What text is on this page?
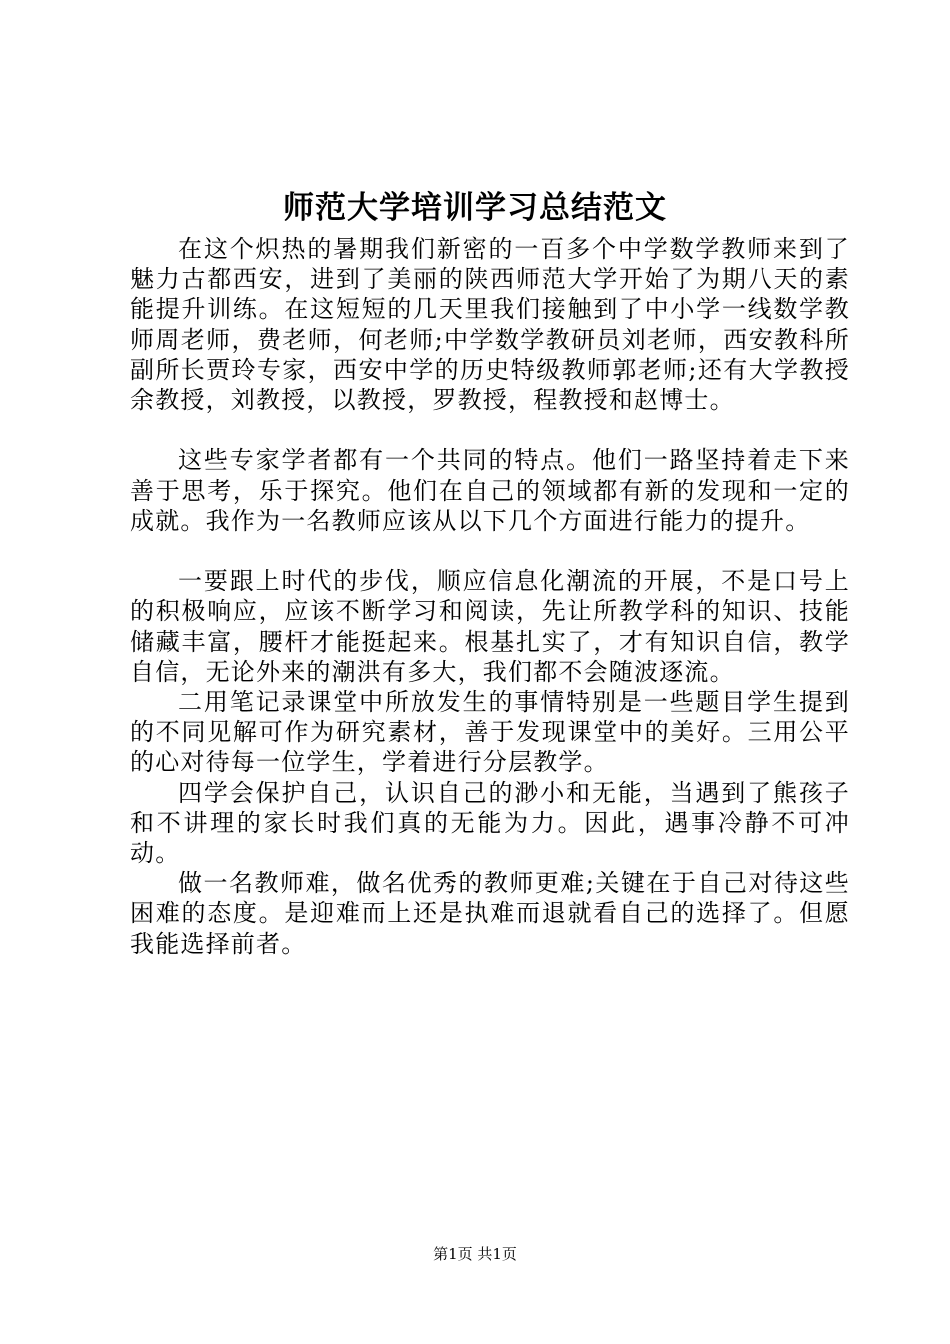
师范大学培训学习总结范文

在这个炽热的暑期我们新密的一百多个中学数学教师来到了魅力古都西安，进到了美丽的陕西师范大学开始了为期八天的素能提升训练。在这短短的几天里我们接触到了中小学一线数学教师周老师，费老师，何老师;中学数学教研员刘老师，西安教科所副所长贾玲专家，西安中学的历史特级教师郭老师;还有大学教授余教授，刘教授，以教授，罗教授，程教授和赵博士。

这些专家学者都有一个共同的特点。他们一路坚持着走下来善于思考，乐于探究。他们在自己的领域都有新的发现和一定的成就。我作为一名教师应该从以下几个方面进行能力的提升。

一要跟上时代的步伐，顺应信息化潮流的开展，不是口号上的积极响应，应该不断学习和阅读，先让所教学科的知识、技能储藏丰富，腰杆才能挺起来。根基扎实了，才有知识自信，教学自信，无论外来的潮洪有多大，我们都不会随波逐流。

二用笔记录课堂中所放发生的事情特别是一些题目学生提到的不同见解可作为研究素材，善于发现课堂中的美好。三用公平的心对待每一位学生，学着进行分层教学。

四学会保护自己，认识自己的渺小和无能，当遇到了熊孩子和不讲理的家长时我们真的无能为力。因此，遇事冷静不可冲动。

做一名教师难，做名优秀的教师更难;关键在于自己对待这些困难的态度。是迎难而上还是执难而退就看自己的选择了。但愿我能选择前者。

第1页 共1页
